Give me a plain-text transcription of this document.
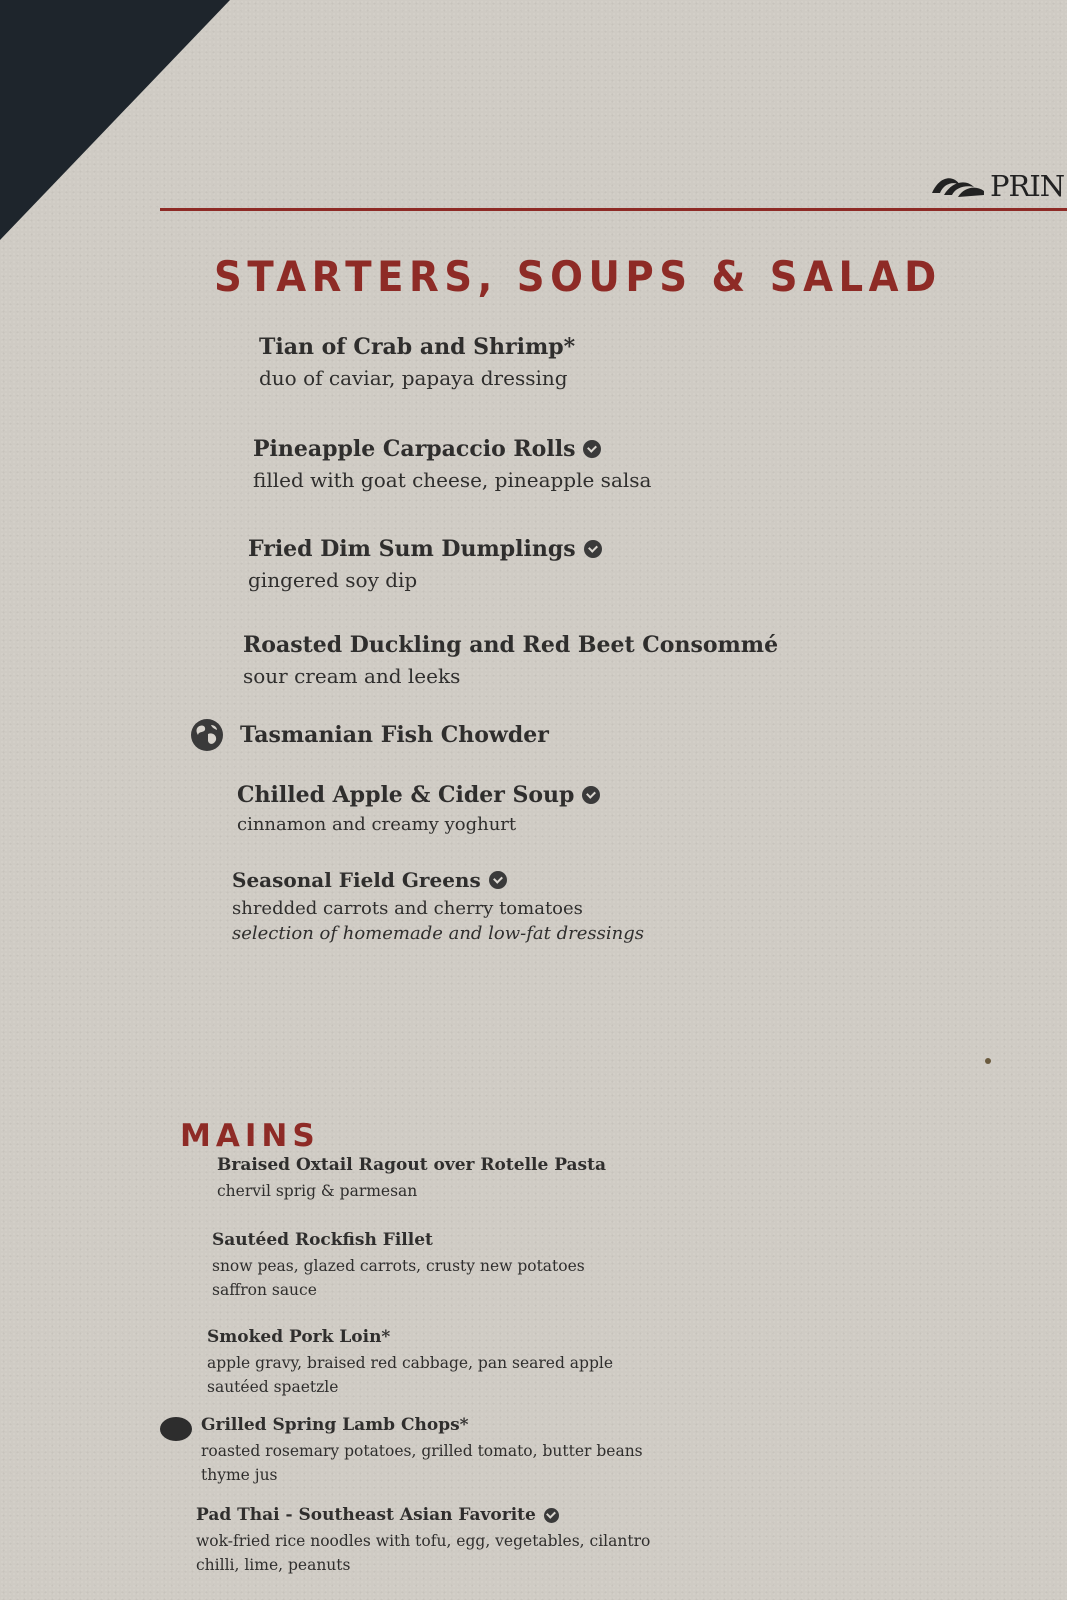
PRIN
STARTERS, SOUPS & SALAD
Tian of Crab and Shrimp*
duo of caviar, papaya dressing
Pineapple Carpaccio Rolls
filled with goat cheese, pineapple salsa
Fried Dim Sum Dumplings
gingered soy dip
Roasted Duckling and Red Beet Consommé
sour cream and leeks
Tasmanian Fish Chowder
Chilled Apple & Cider Soup
cinnamon and creamy yoghurt
Seasonal Field Greens
shredded carrots and cherry tomatoes
selection of homemade and low-fat dressings
MAINS
Braised Oxtail Ragout over Rotelle Pasta
chervil sprig & parmesan
Sautéed Rockfish Fillet
snow peas, glazed carrots, crusty new potatoes
saffron sauce
Smoked Pork Loin*
apple gravy, braised red cabbage, pan seared apple
sautéed spaetzle
Grilled Spring Lamb Chops*
roasted rosemary potatoes, grilled tomato, butter beans
thyme jus
Pad Thai - Southeast Asian Favorite
wok-fried rice noodles with tofu, egg, vegetables, cilantro
chilli, lime, peanuts
